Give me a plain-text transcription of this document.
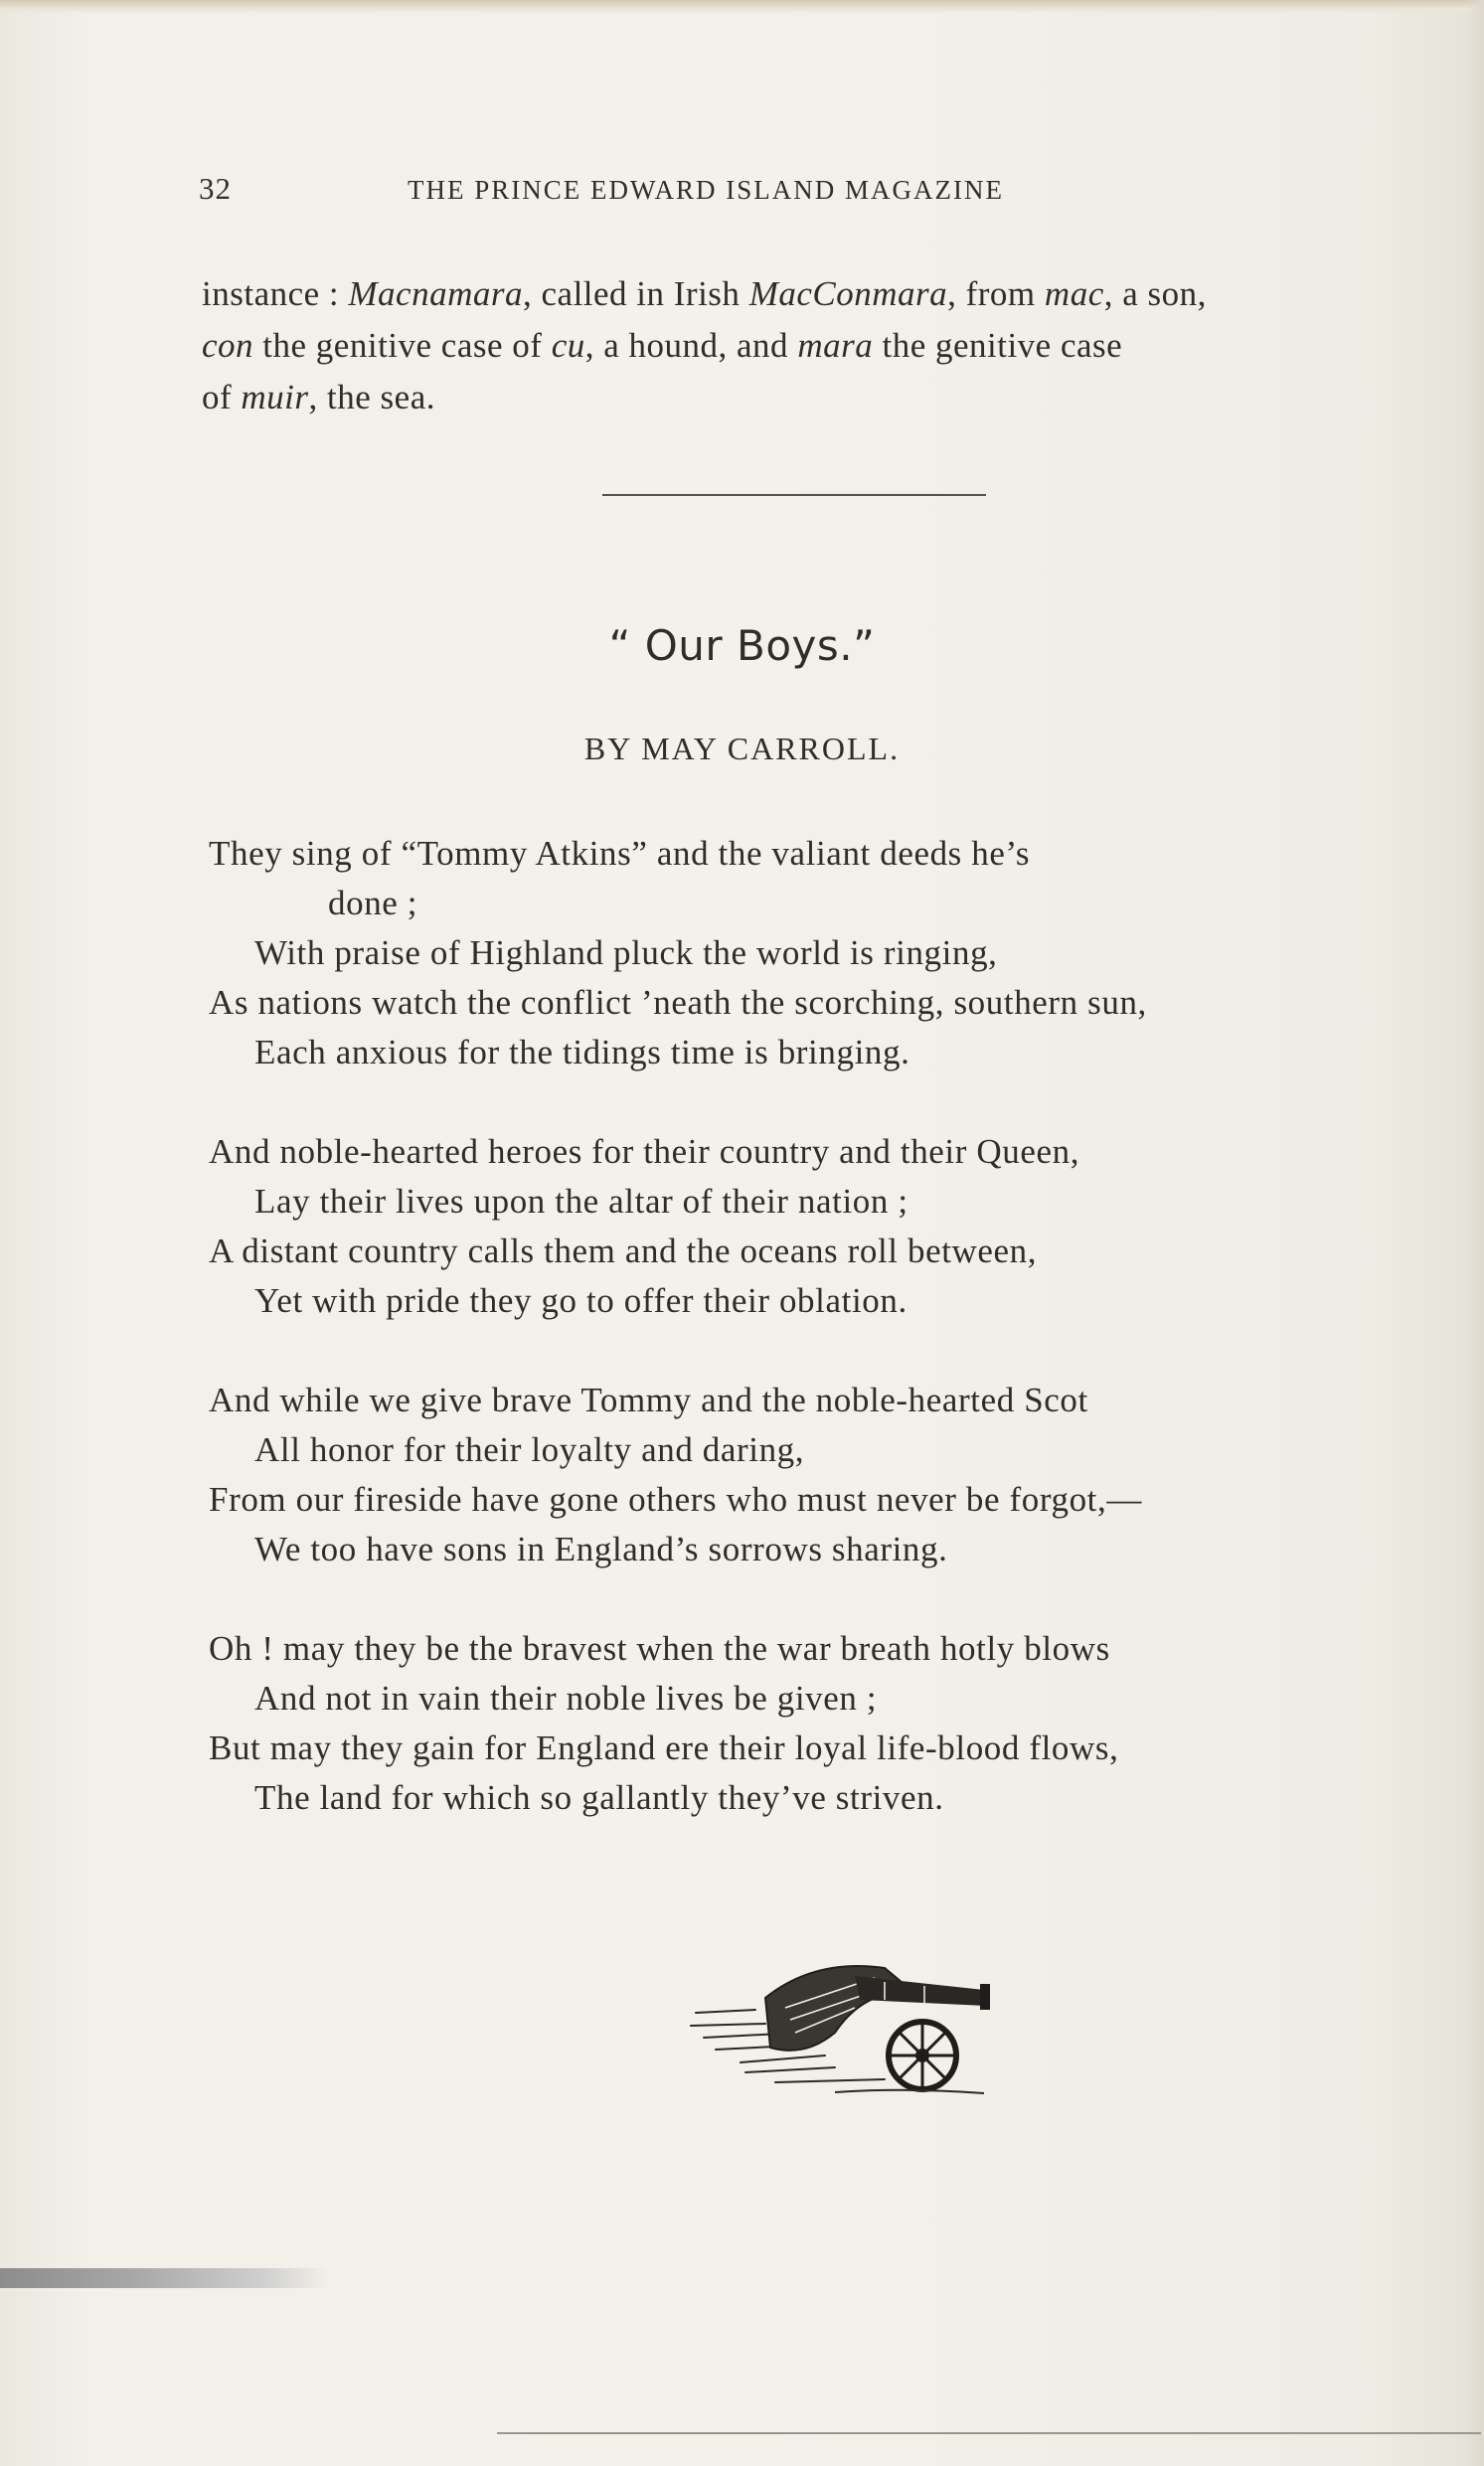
32	THE PRINCE EDWARD ISLAND MAGAZINE
instance : Macnamara, called in Irish MacConmara, from mac, a son,
con the genitive case of cu, a hound, and mara the genitive case
of muir, the sea.
“ Our Boys.”
BY MAY CARROLL.
They sing of “Tommy Atkins” and the valiant deeds he’s
done ;
With praise of Highland pluck the world is ringing,
As nations watch the conflict ’neath the scorching, southern sun,
Each anxious for the tidings time is bringing.
And noble-hearted heroes for their country and their Queen,
Lay their lives upon the altar of their nation ;
A distant country calls them and the oceans roll between,
Yet with pride they go to offer their oblation.
And while we give brave Tommy and the noble-hearted Scot
All honor for their loyalty and daring,
From our fireside have gone others who must never be forgot,—
We too have sons in England’s sorrows sharing.
Oh ! may they be the bravest when the war breath hotly blows
And not in vain their noble lives be given ;
But may they gain for England ere their loyal life-blood flows,
The land for which so gallantly they’ve striven.
